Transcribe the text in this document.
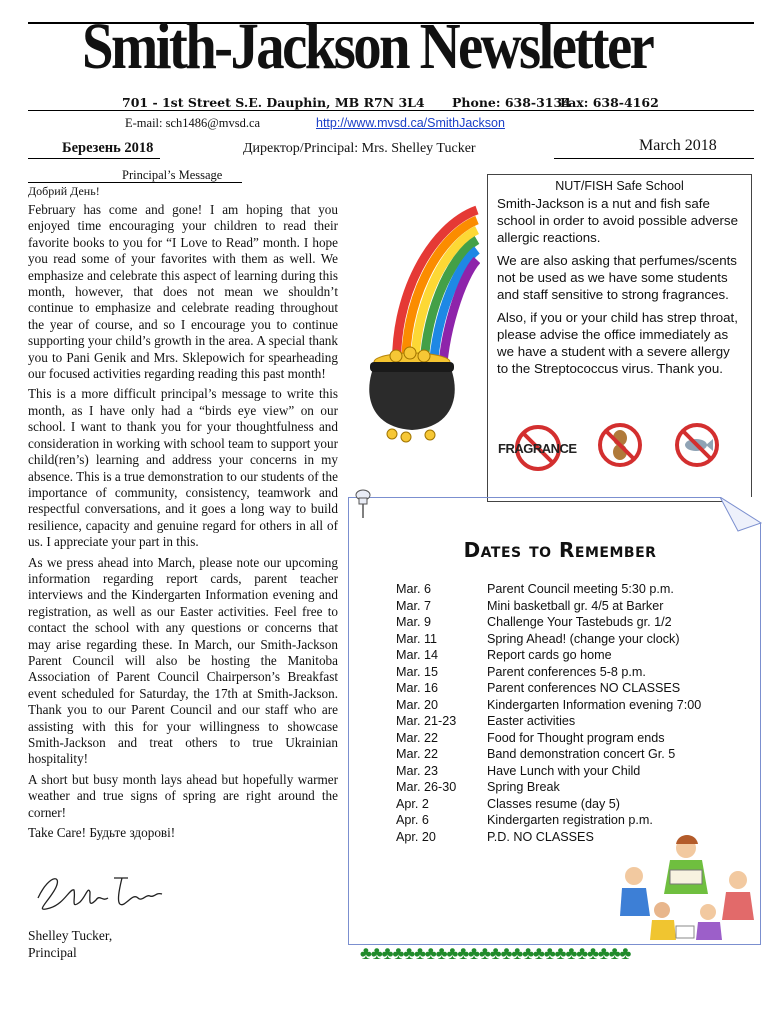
Smith-Jackson Newsletter
701 - 1st Street S.E. Dauphin, MB R7N 3L4 Phone: 638-3134
Fax: 638-4162
E-mail: sch1486@mvsd.ca	http://www.mvsd.ca/SmithJackson
Березень 2018	Директор/Principal: Mrs. Shelley Tucker	March 2018
Principal’s Message
Добрий День!

February has come and gone! I am hoping that you enjoyed time encouraging your children to read their favorite books to you for “I Love to Read” month. I hope you read some of your favorites with them as well. We emphasize and celebrate this aspect of learning during this month, however, that does not mean we shouldn’t continue to emphasize and celebrate reading throughout the year of course, and so I encourage you to continue supporting your child’s growth in the area. A special thank you to Pani Genik and Mrs. Sklepowich for spearheading our focused activities regarding reading this past month!

This is a more difficult principal’s message to write this month, as I have only had a “birds eye view” on our school. I want to thank you for your thoughtfulness and consideration in working with school team to support your child(ren’s) learning and address your concerns in my absence. This is a true demonstration to our students of the importance of community, consistency, teamwork and respectful conversations, and it goes a long way to build resilience, capacity and genuine regard for others in all of us. I appreciate your part in this.

As we press ahead into March, please note our upcoming information regarding report cards, parent teacher interviews and the Kindergarten Information evening and registration, as well as our Easter activities. Feel free to contact the school with any questions or concerns that may arise regarding these. In March, our Smith-Jackson Parent Council will also be hosting the Manitoba Association of Parent Council Chairperson’s Breakfast event scheduled for Saturday, the 17th at Smith-Jackson. Thank you to our Parent Council and our staff who are assisting with this for your willingness to showcase Smith-Jackson and treat others to true Ukrainian hospitality!

A short but busy month lays ahead but hopefully warmer weather and true signs of spring are right around the corner!

Take Care! Будьте здорові!

Shelley Tucker,
Principal
NUT/FISH Safe School

Smith-Jackson is a nut and fish safe school in order to avoid possible adverse allergic reactions.

We are also asking that perfumes/scents not be used as we have some students and staff sensitive to strong fragrances.

Also, if you or your child has strep throat, please advise the office immediately as we have a student with a severe allergy to the Streptococcus virus. Thank you.

FRAGRANCE
Dates to Remember
Mar. 6	Parent Council meeting 5:30 p.m.
Mar. 7	Mini basketball gr. 4/5 at Barker
Mar. 9	Challenge Your Tastebuds gr. 1/2
Mar. 11	Spring Ahead! (change your clock)
Mar. 14	Report cards go home
Mar. 15	Parent conferences 5-8 p.m.
Mar. 16	Parent conferences NO CLASSES
Mar. 20	Kindergarten Information evening 7:00
Mar. 21-23 Easter activities
Mar. 22	Food for Thought program ends
Mar. 22	Band demonstration concert Gr. 5
Mar. 23	Have Lunch with your Child
Mar. 26-30 Spring Break
Apr. 2	Classes resume (day 5)
Apr. 6	Kindergarten registration p.m.
Apr. 20	P.D. NO CLASSES
♣♣♣♣♣♣♣♣♣♣♣♣♣♣♣♣♣♣♣♣♣♣♣♣♣
